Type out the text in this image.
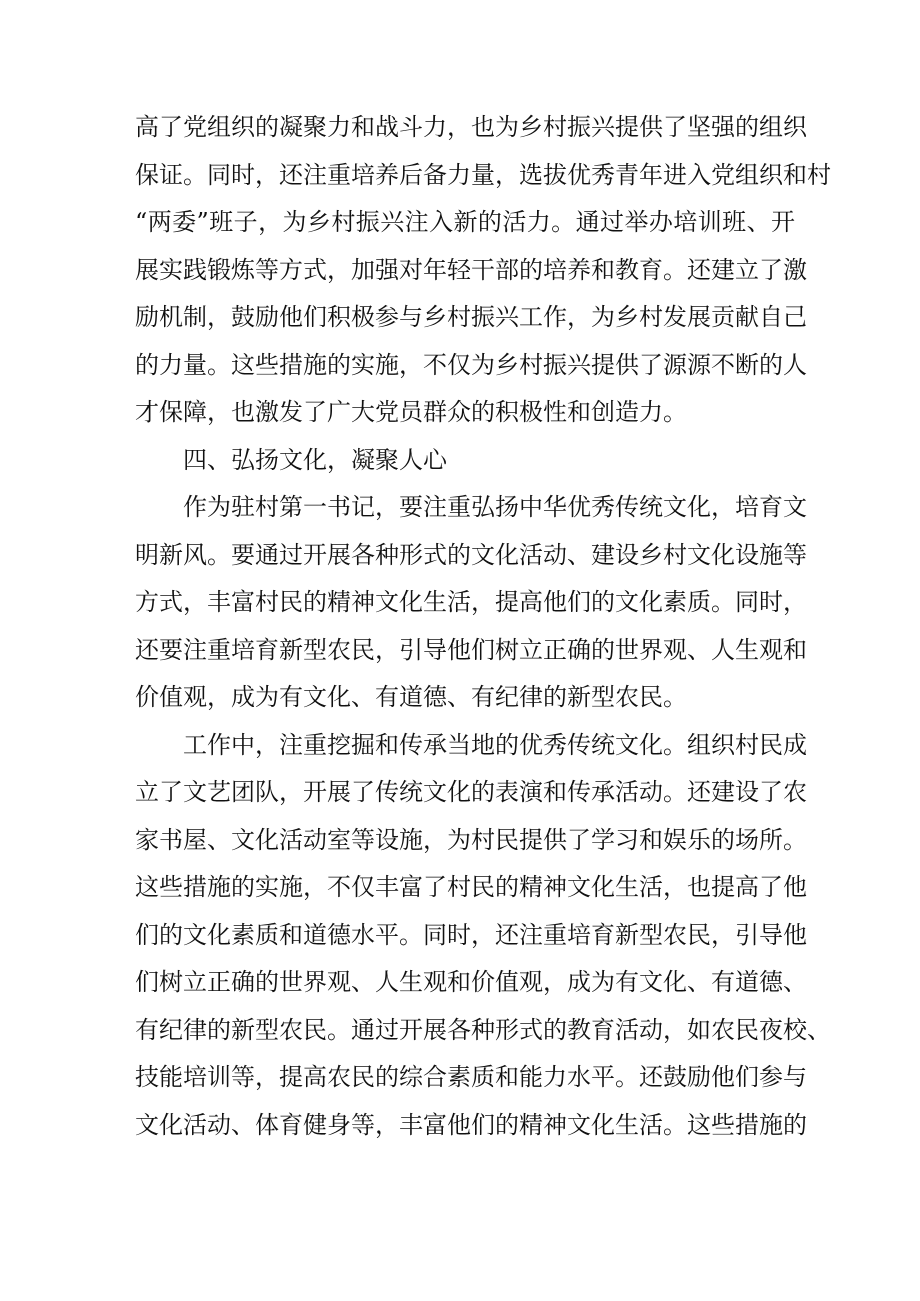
高了党组织的凝聚力和战斗力，也为乡村振兴提供了坚强的组织
保证。同时，还注重培养后备力量，选拔优秀青年进入党组织和村
“两委”班子，为乡村振兴注入新的活力。通过举办培训班、开
展实践锻炼等方式，加强对年轻干部的培养和教育。还建立了激
励机制，鼓励他们积极参与乡村振兴工作，为乡村发展贡献自己
的力量。这些措施的实施，不仅为乡村振兴提供了源源不断的人
才保障，也激发了广大党员群众的积极性和创造力。
四、弘扬文化，凝聚人心
作为驻村第一书记，要注重弘扬中华优秀传统文化，培育文
明新风。要通过开展各种形式的文化活动、建设乡村文化设施等
方式，丰富村民的精神文化生活，提高他们的文化素质。同时，
还要注重培育新型农民，引导他们树立正确的世界观、人生观和
价值观，成为有文化、有道德、有纪律的新型农民。
工作中，注重挖掘和传承当地的优秀传统文化。组织村民成
立了文艺团队，开展了传统文化的表演和传承活动。还建设了农
家书屋、文化活动室等设施，为村民提供了学习和娱乐的场所。
这些措施的实施，不仅丰富了村民的精神文化生活，也提高了他
们的文化素质和道德水平。同时，还注重培育新型农民，引导他
们树立正确的世界观、人生观和价值观，成为有文化、有道德、
有纪律的新型农民。通过开展各种形式的教育活动，如农民夜校、
技能培训等，提高农民的综合素质和能力水平。还鼓励他们参与
文化活动、体育健身等，丰富他们的精神文化生活。这些措施的
